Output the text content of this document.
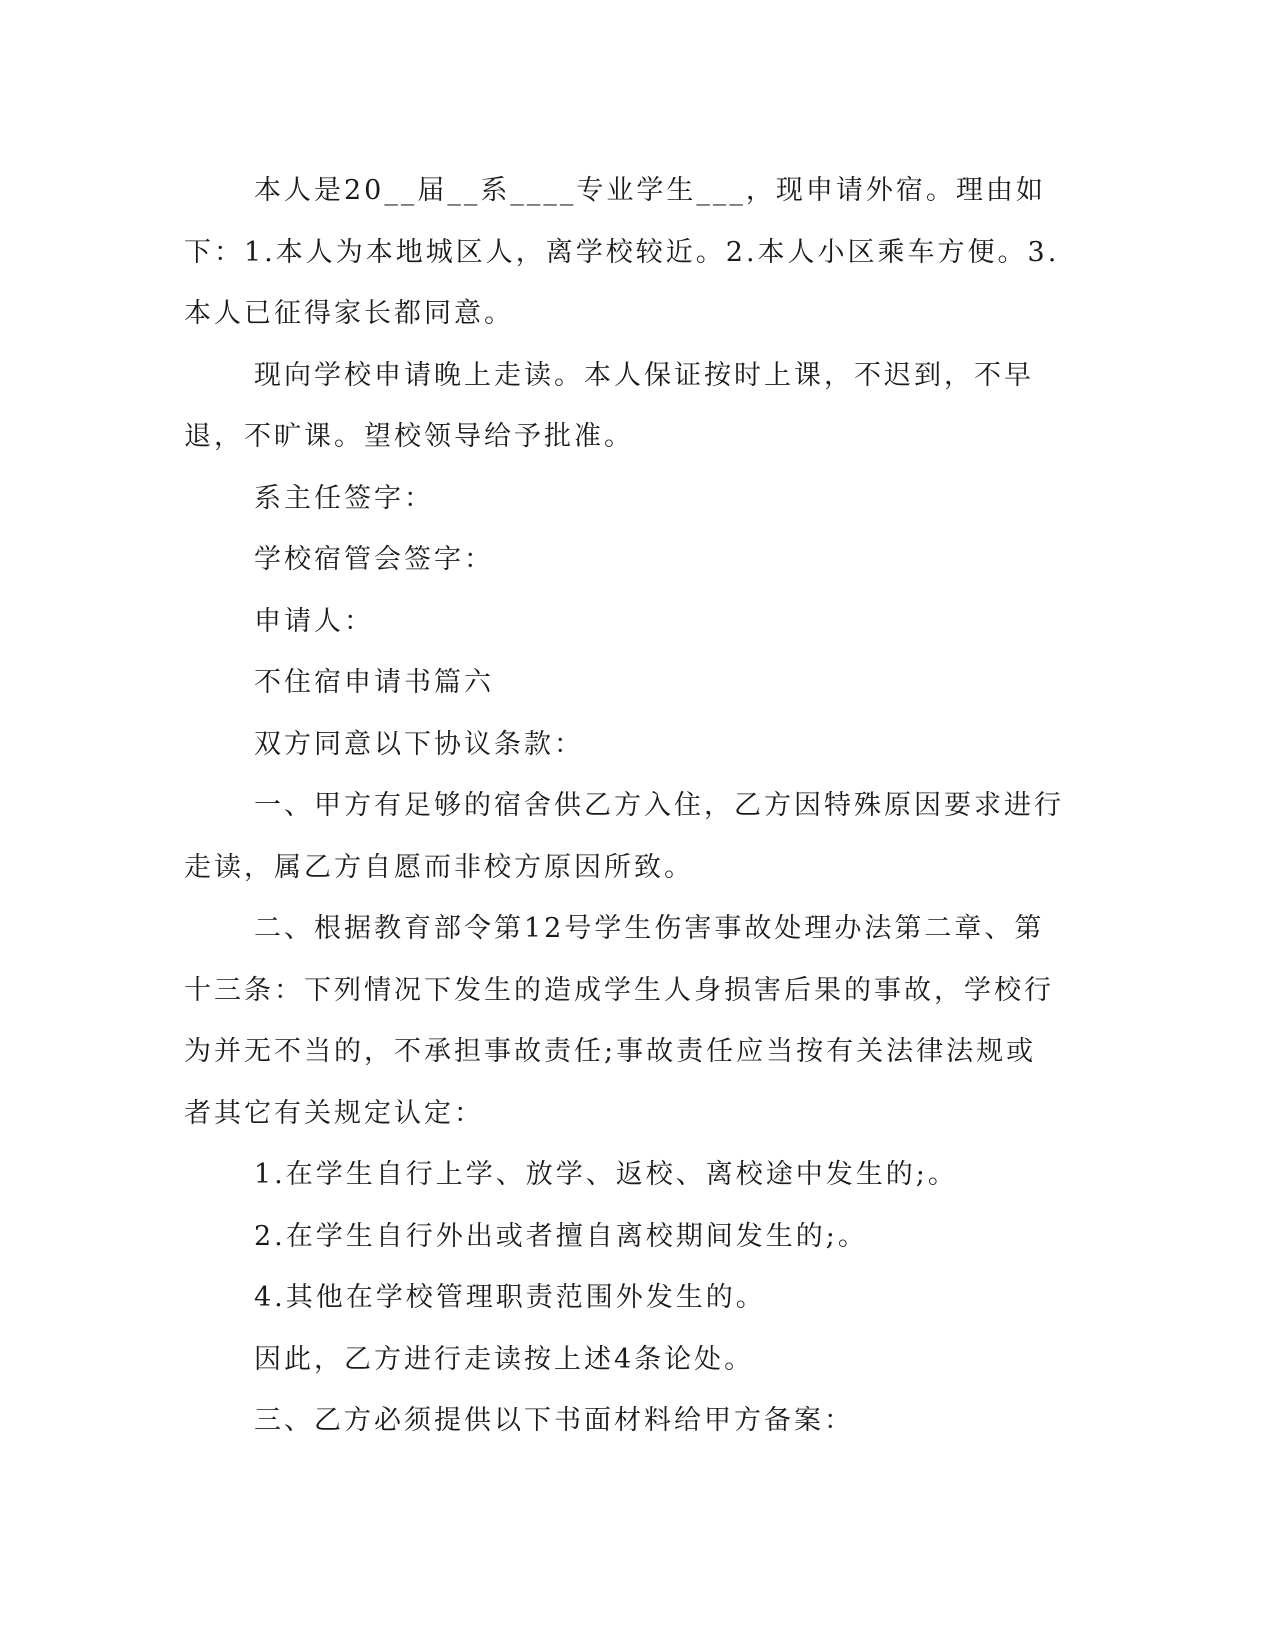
本人是20__届__系____专业学生___，现申请外宿。理由如下：1.本人为本地城区人，离学校较近。2.本人小区乘车方便。3.本人已征得家长都同意。

现向学校申请晚上走读。本人保证按时上课，不迟到，不早退，不旷课。望校领导给予批准。

系主任签字：

学校宿管会签字：

申请人：

不住宿申请书篇六

双方同意以下协议条款：

一、甲方有足够的宿舍供乙方入住，乙方因特殊原因要求进行走读，属乙方自愿而非校方原因所致。

二、根据教育部令第12号学生伤害事故处理办法第二章、第十三条：下列情况下发生的造成学生人身损害后果的事故，学校行为并无不当的，不承担事故责任;事故责任应当按有关法律法规或者其它有关规定认定：

1.在学生自行上学、放学、返校、离校途中发生的;。

2.在学生自行外出或者擅自离校期间发生的;。

4.其他在学校管理职责范围外发生的。

因此，乙方进行走读按上述4条论处。

三、乙方必须提供以下书面材料给甲方备案：
